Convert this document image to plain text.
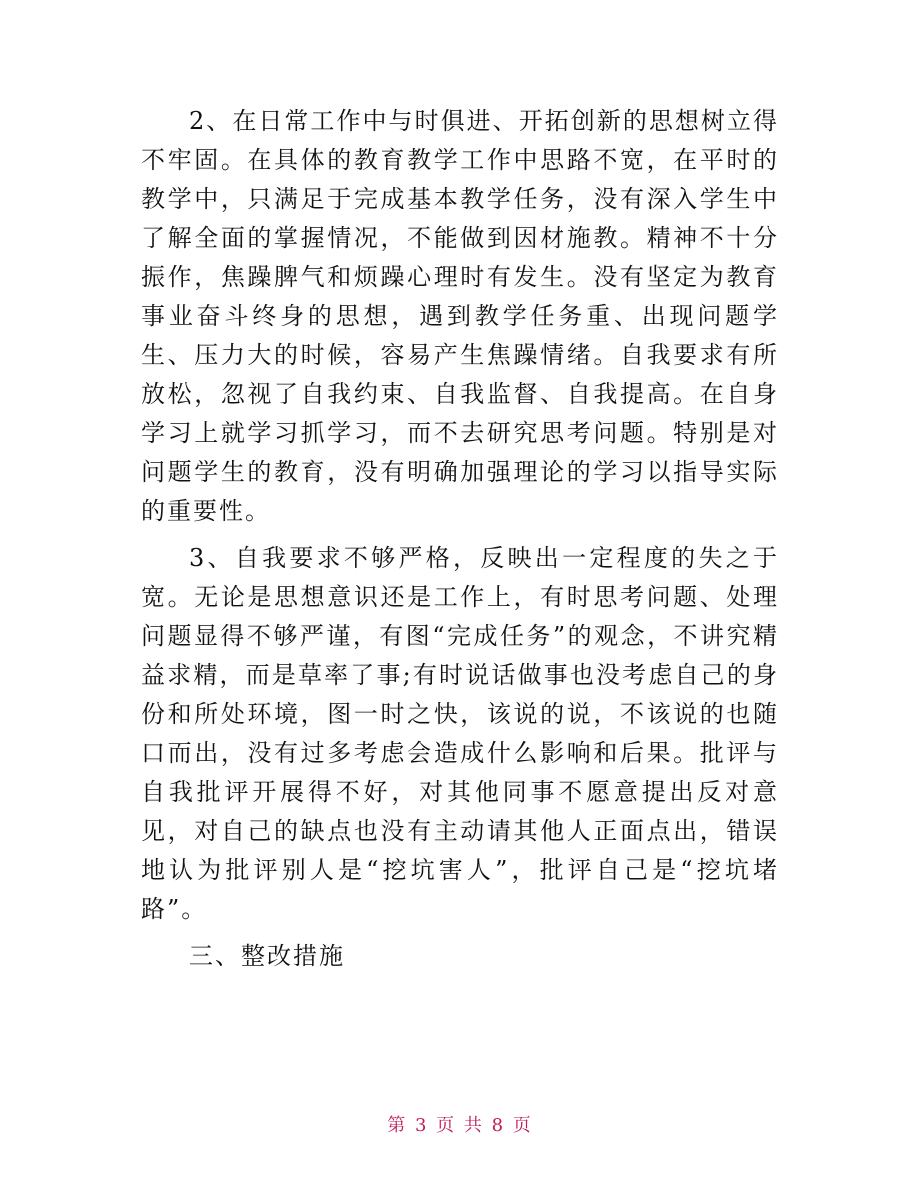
2、在日常工作中与时俱进、开拓创新的思想树立得不牢固。在具体的教育教学工作中思路不宽，在平时的教学中，只满足于完成基本教学任务，没有深入学生中了解全面的掌握情况，不能做到因材施教。精神不十分振作，焦躁脾气和烦躁心理时有发生。没有坚定为教育事业奋斗终身的思想，遇到教学任务重、出现问题学生、压力大的时候，容易产生焦躁情绪。自我要求有所放松，忽视了自我约束、自我监督、自我提高。在自身学习上就学习抓学习，而不去研究思考问题。特别是对问题学生的教育，没有明确加强理论的学习以指导实际的重要性。

3、自我要求不够严格，反映出一定程度的失之于宽。无论是思想意识还是工作上，有时思考问题、处理问题显得不够严谨，有图“完成任务”的观念，不讲究精益求精，而是草率了事;有时说话做事也没考虑自己的身份和所处环境，图一时之快，该说的说，不该说的也随口而出，没有过多考虑会造成什么影响和后果。批评与自我批评开展得不好，对其他同事不愿意提出反对意见，对自己的缺点也没有主动请其他人正面点出，错误地认为批评别人是“挖坑害人”，批评自己是“挖坑堵路”。

三、整改措施

第 3 页 共 8 页
